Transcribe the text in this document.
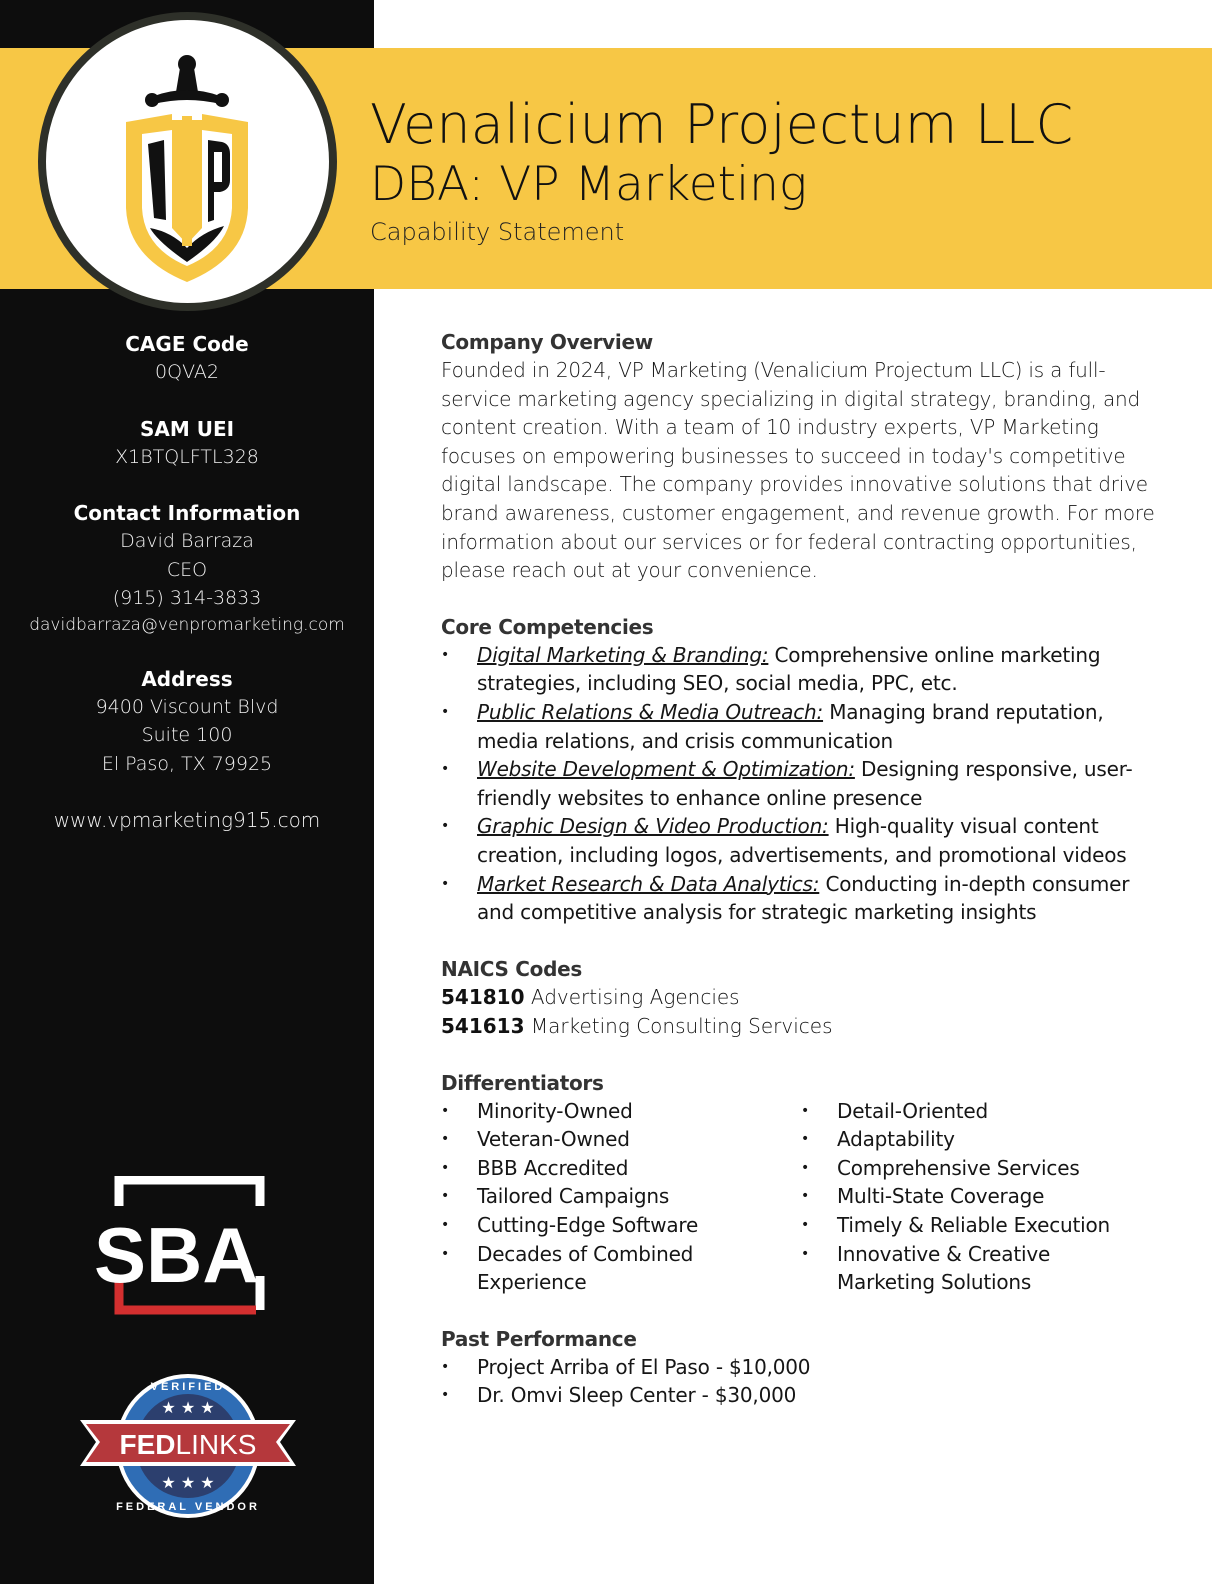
Venalicium Projectum LLC
DBA: VP Marketing
Capability Statement
CAGE Code
0QVA2
SAM UEI
X1BTQLFTL328
Contact Information
David Barraza
CEO
(915) 314-3833
davidbarraza@venpromarketing.com
Address
9400 Viscount Blvd
Suite 100
El Paso, TX 79925
www.vpmarketing915.com
SBA
VERIFIED
★ ★ ★
FEDLINKS
★ ★ ★
FEDERAL VENDOR
Company Overview

Founded in 2024, VP Marketing (Venalicium Projectum LLC) is a full-service marketing agency specializing in digital strategy, branding, and content creation. With a team of 10 industry experts, VP Marketing focuses on empowering businesses to succeed in today's competitive digital landscape. The company provides innovative solutions that drive brand awareness, customer engagement, and revenue growth. For more information about our services or for federal contracting opportunities, please reach out at your convenience.

Core Competencies
• Digital Marketing & Branding: Comprehensive online marketing strategies, including SEO, social media, PPC, etc.
• Public Relations & Media Outreach: Managing brand reputation, media relations, and crisis communication
• Website Development & Optimization: Designing responsive, user-friendly websites to enhance online presence
• Graphic Design & Video Production: High-quality visual content creation, including logos, advertisements, and promotional videos
• Market Research & Data Analytics: Conducting in-depth consumer and competitive analysis for strategic marketing insights
NAICS Codes
541810 Advertising Agencies
541613 Marketing Consulting Services
Differentiators
• Minority-Owned
• Veteran-Owned
• BBB Accredited
• Tailored Campaigns
• Cutting-Edge Software
• Decades of Combined Experience
• Detail-Oriented
• Adaptability
• Comprehensive Services
• Multi-State Coverage
• Timely & Reliable Execution
• Innovative & Creative Marketing Solutions
Past Performance
• Project Arriba of El Paso - $10,000
• Dr. Omvi Sleep Center - $30,000
